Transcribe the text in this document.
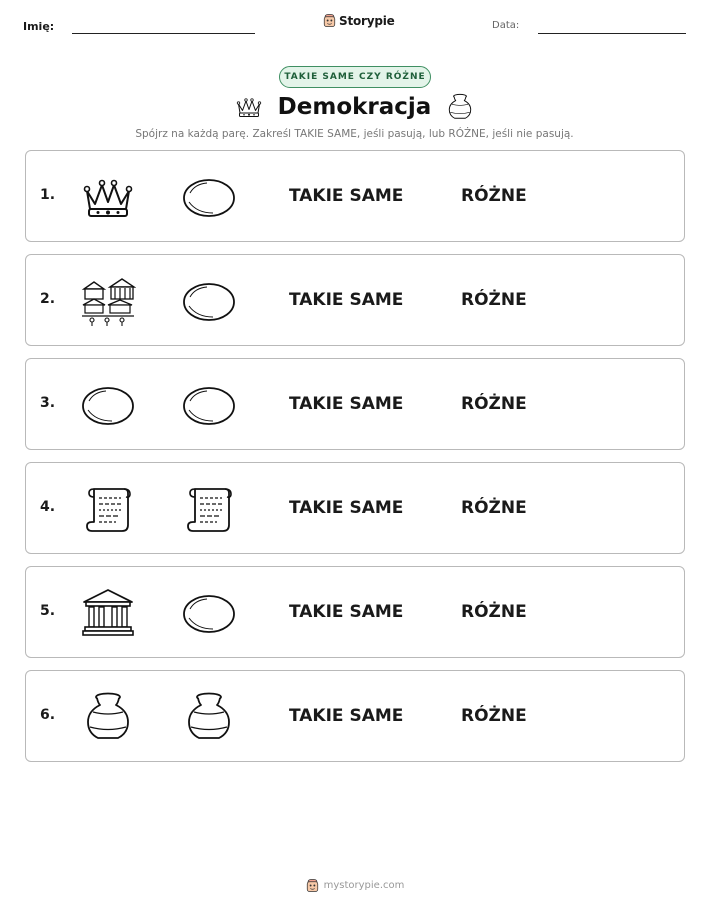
Imię:	Storypie	Data:
TAKIE SAME CZY RÓŻNE
Demokracja
Spójrz na każdą parę. Zakreśl TAKIE SAME, jeśli pasują, lub RÓŻNE, jeśli nie pasują.
1.	TAKIE SAME	RÓŻNE
2.	TAKIE SAME	RÓŻNE
3.	TAKIE SAME	RÓŻNE
4.	TAKIE SAME	RÓŻNE
5.	TAKIE SAME	RÓŻNE
6.	TAKIE SAME	RÓŻNE
mystorypie.com
